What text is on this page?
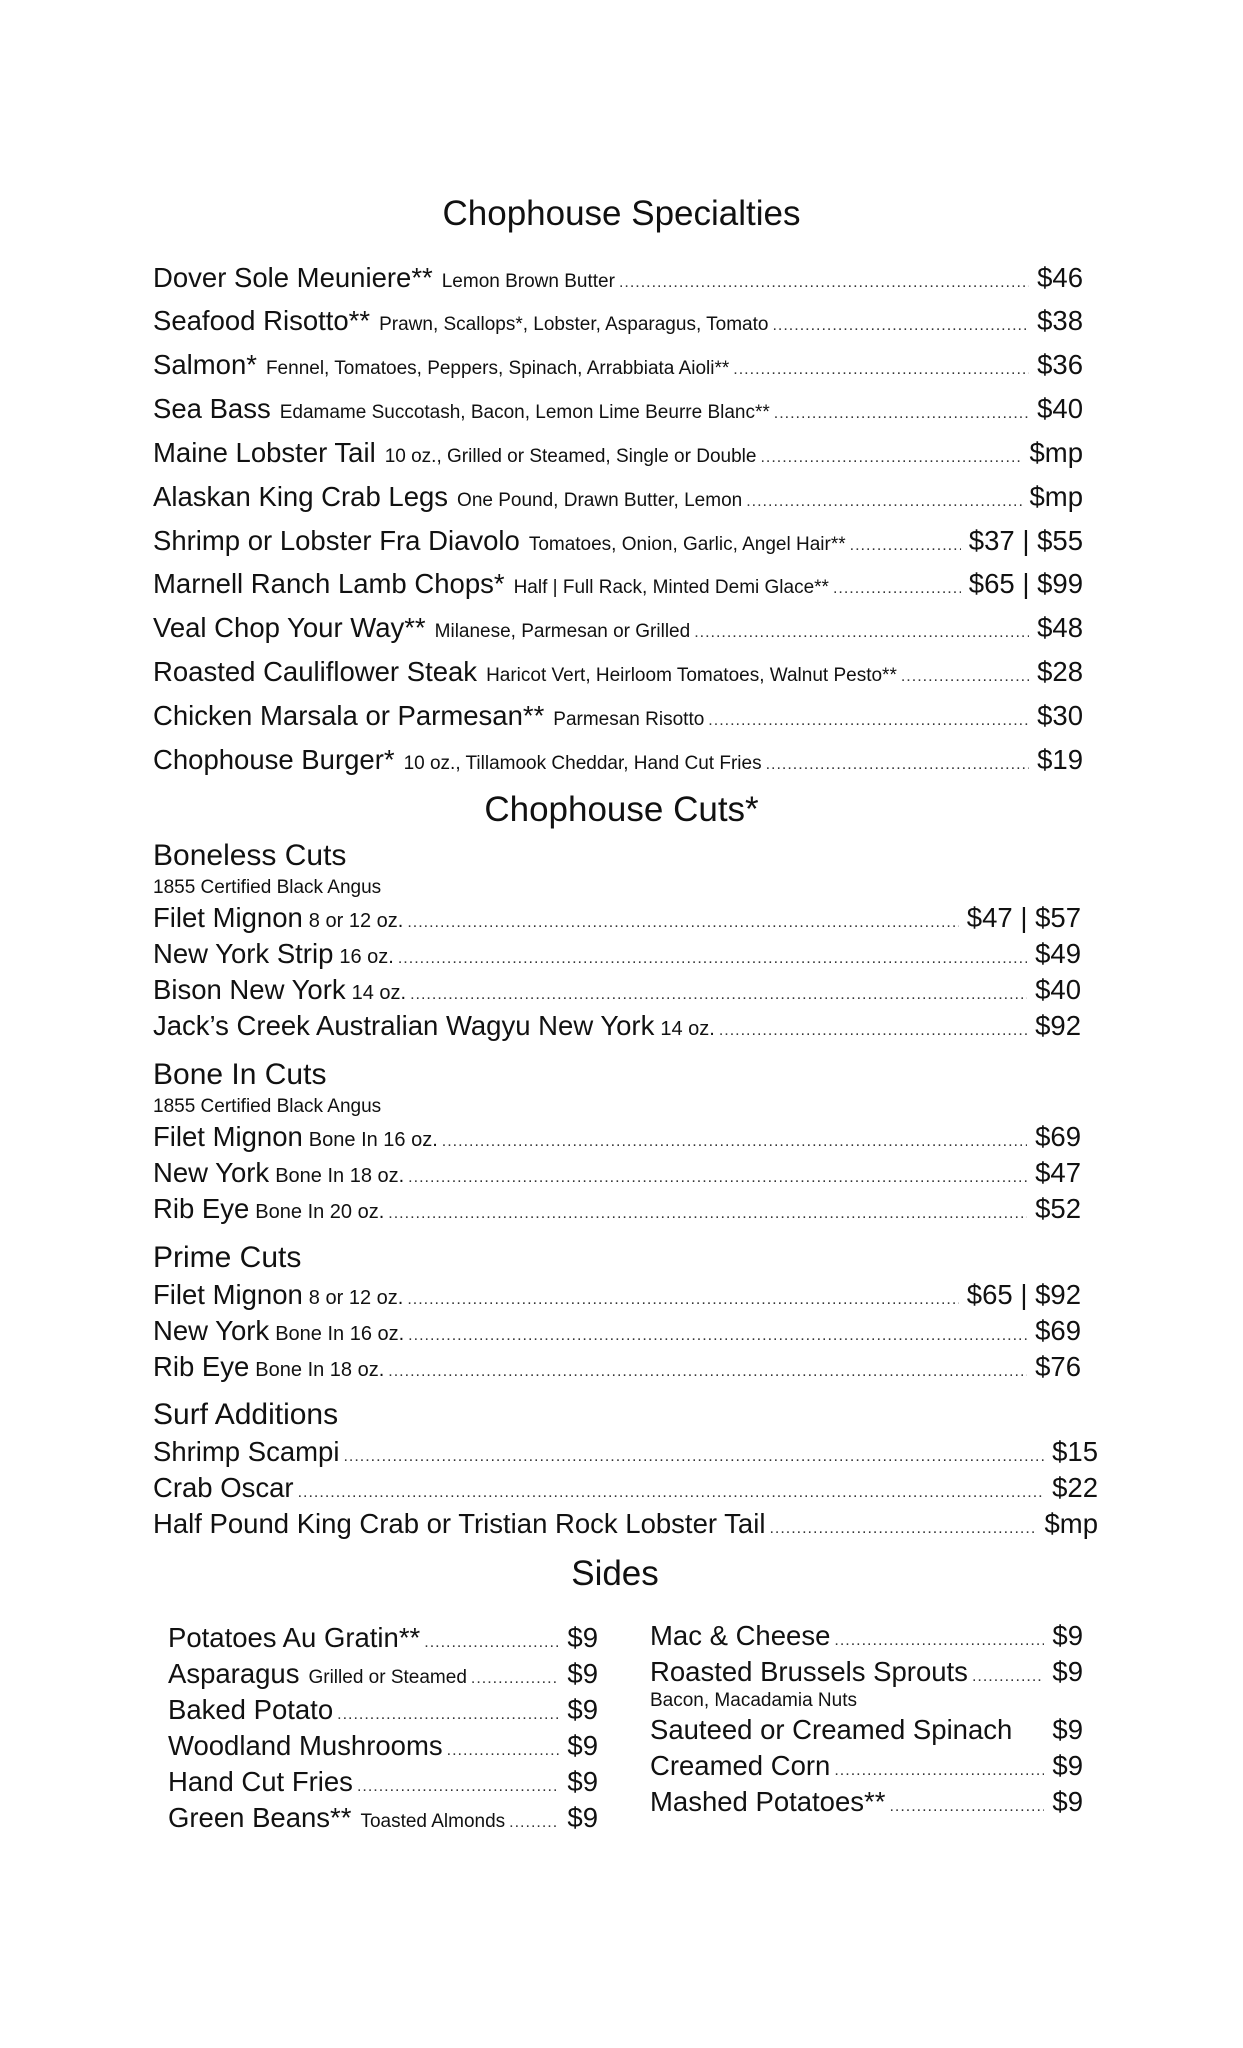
Chophouse Specialties
Dover Sole Meuniere** Lemon Brown Butter .....	$46
Seafood Risotto** Prawn, Scallops*, Lobster, Asparagus, Tomato .....	$38
Salmon* Fennel, Tomatoes, Peppers, Spinach, Arrabbiata Aioli** .....	$36
Sea Bass Edamame Succotash, Bacon, Lemon Lime Beurre Blanc** .....	$40
Maine Lobster Tail 10 oz., Grilled or Steamed, Single or Double .....	$mp
Alaskan King Crab Legs One Pound, Drawn Butter, Lemon .....	$mp
Shrimp or Lobster Fra Diavolo Tomatoes, Onion, Garlic, Angel Hair** .....	$37 | $55
Marnell Ranch Lamb Chops* Half | Full Rack, Minted Demi Glace** .....	$65 | $99
Veal Chop Your Way** Milanese, Parmesan or Grilled .....	$48
Roasted Cauliflower Steak Haricot Vert, Heirloom Tomatoes, Walnut Pesto** .....	$28
Chicken Marsala or Parmesan** Parmesan Risotto .....	$30
Chophouse Burger* 10 oz., Tillamook Cheddar, Hand Cut Fries .....	$19
Chophouse Cuts*
Boneless Cuts
1855 Certified Black Angus
Filet Mignon 8 or 12 oz. .....	$47 | $57
New York Strip 16 oz. .....	$49
Bison New York 14 oz. .....	$40
Jack’s Creek Australian Wagyu New York 14 oz. .....	$92
Bone In Cuts
1855 Certified Black Angus
Filet Mignon Bone In 16 oz. .....	$69
New York Bone In 18 oz. .....	$47
Rib Eye Bone In 20 oz. .....	$52
Prime Cuts
Filet Mignon 8 or 12 oz. .....	$65 | $92
New York Bone In 16 oz. .....	$69
Rib Eye Bone In 18 oz. .....	$76
Surf Additions
Shrimp Scampi .....	$15
Crab Oscar .....	$22
Half Pound King Crab or Tristian Rock Lobster Tail .....	$mp
Sides
Potatoes Au Gratin** .....	$9
Asparagus Grilled or Steamed .....	$9
Baked Potato .....	$9
Woodland Mushrooms .....	$9
Hand Cut Fries .....	$9
Green Beans** Toasted Almonds ..... $9
Mac & Cheese .....	$9
Roasted Brussels Sprouts .....	$9
Bacon, Macadamia Nuts
Sauteed or Creamed Spinach $9
Creamed Corn .....	$9
Mashed Potatoes** .....	$9
